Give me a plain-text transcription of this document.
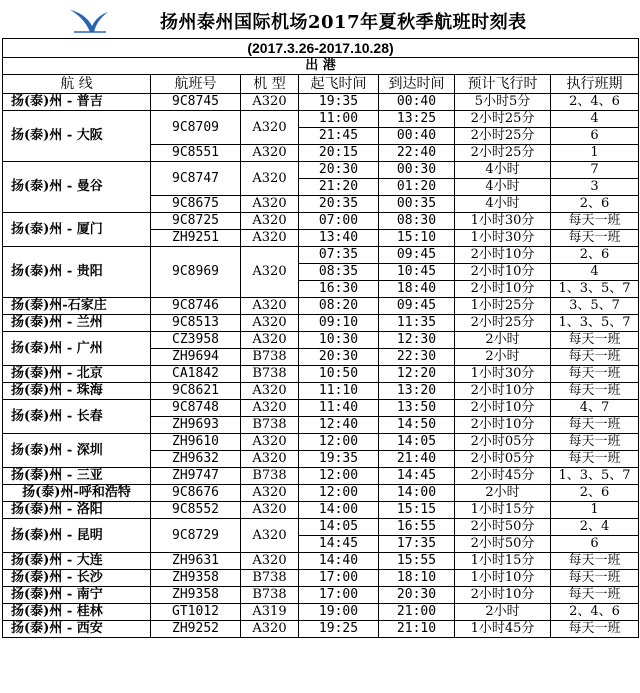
扬州泰州国际机场2017年夏秋季航班时刻表
(2017.3.26-2017.10.28)						
出 港						
航 线	航班号	机 型	起飞时间	到达时间	预计飞行时	执行班期
扬(泰)州 - 普吉	9C8745	A320	19:35	00:40	5小时5分	2、4、6
扬(泰)州 - 大阪	9C8709	A320	11:00	13:25	2小时25分	4
			21:45	00:40	2小时25分	6
	9C8551	A320	20:15	22:40	2小时25分	1
扬(泰)州 - 曼谷	9C8747	A320	20:30	00:30	4小时	7
			21:20	01:20	4小时	3
	9C8675	A320	20:35	00:35	4小时	2、6
扬(泰)州 - 厦门	9C8725	A320	07:00	08:30	1小时30分	每天一班
	ZH9251	A320	13:40	15:10	1小时30分	每天一班
扬(泰)州 - 贵阳	9C8969	A320	07:35	09:45	2小时10分	2、6
			08:35	10:45	2小时10分	4
			16:30	18:40	2小时10分	1、3、5、7
扬(泰)州-石家庄	9C8746	A320	08:20	09:45	1小时25分	3、5、7
扬(泰)州 - 兰州	9C8513	A320	09:10	11:35	2小时25分	1、3、5、7
扬(泰)州 - 广州	CZ3958	A320	10:30	12:30	2小时	每天一班
	ZH9694	B738	20:30	22:30	2小时	每天一班
扬(泰)州 - 北京	CA1842	B738	10:50	12:20	1小时30分	每天一班
扬(泰)州 - 珠海	9C8621	A320	11:10	13:20	2小时10分	每天一班
扬(泰)州 - 长春	9C8748	A320	11:40	13:50	2小时10分	4、7
	ZH9693	B738	12:40	14:50	2小时10分	每天一班
扬(泰)州 - 深圳	ZH9610	A320	12:00	14:05	2小时05分	每天一班
	ZH9632	A320	19:35	21:40	2小时05分	每天一班
扬(泰)州 - 三亚	ZH9747	B738	12:00	14:45	2小时45分	1、3、5、7
扬(泰)州-呼和浩特	9C8676	A320	12:00	14:00	2小时	2、6
扬(泰)州 - 洛阳	9C8552	A320	14:00	15:15	1小时15分	1
扬(泰)州 - 昆明	9C8729	A320	14:05	16:55	2小时50分	2、4
			14:45	17:35	2小时50分	6
扬(泰)州 - 大连	ZH9631	A320	14:40	15:55	1小时15分	每天一班
扬(泰)州 - 长沙	ZH9358	B738	17:00	18:10	1小时10分	每天一班
扬(泰)州 - 南宁	ZH9358	B738	17:00	20:30	2小时10分	每天一班
扬(泰)州 - 桂林	GT1012	A319	19:00	21:00	2小时	2、4、6
扬(泰)州 - 西安	ZH9252	A320	19:25	21:10	1小时45分	每天一班
